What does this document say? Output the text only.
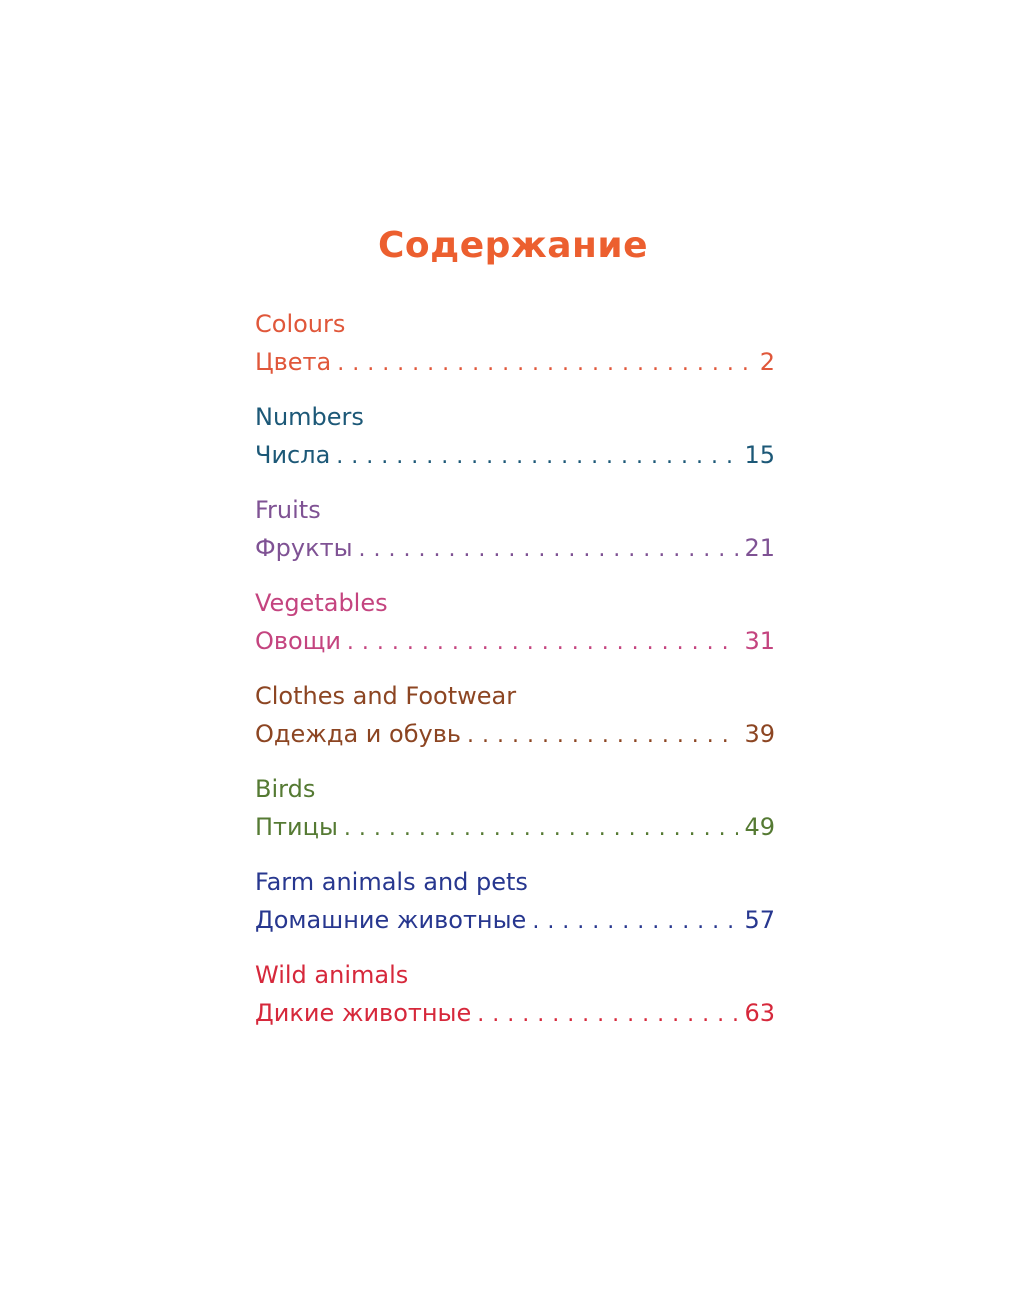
Содержание
Colours
Цвета . . .	2
Numbers
Числа . . .	15
Fruits
Фрукты . . .	21
Vegetables
Овощи . . .	31
Clothes and Footwear
Одежда и обувь . . .	39
Birds
Птицы . . .	49
Farm animals and pets
Домашние животные . . .	57
Wild animals
Дикие животные . . .	63
